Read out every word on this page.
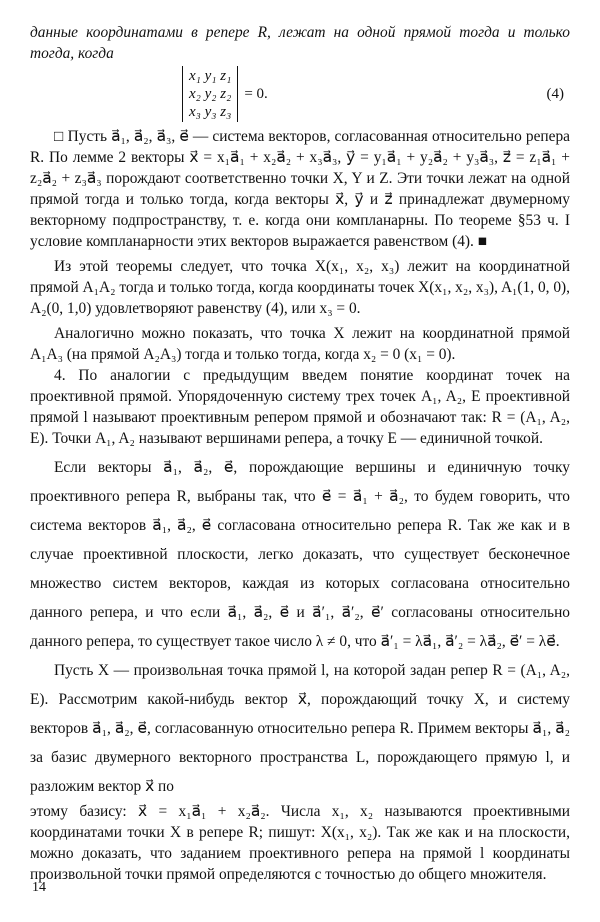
данные координатами в репере R, лежат на одной прямой тогда и только тогда, когда

x₁ y₁ z₁
x₂ y₂ z₂
x₃ y₃ z₃
= 0.	(4)

□ Пусть a⃗₁, a⃗₂, a⃗₃, e⃗ — система векторов, согласованная относительно репера R. По лемме 2 векторы x⃗ = x₁a⃗₁ + x₂a⃗₂ + x₃a⃗₃, y⃗ = y₁a⃗₁ + y₂a⃗₂ + y₃a⃗₃, z⃗ = z₁a⃗₁ + z₂a⃗₂ + z₃a⃗₃ порождают соответственно точки X, Y и Z. Эти точки лежат на одной прямой тогда и только тогда, когда векторы x⃗, y⃗ и z⃗ принадлежат двумерному векторному подпространству, т. е. когда они компланарны. По теореме §53 ч. I условие компланарности этих векторов выражается равенством (4). ■

Из этой теоремы следует, что точка X(x₁, x₂, x₃) лежит на координатной прямой A₁A₂ тогда и только тогда, когда координаты точек X(x₁, x₂, x₃), A₁(1, 0, 0), A₂(0, 1,0) удовлетворяют равенству (4), или x₃ = 0.

Аналогично можно показать, что точка X лежит на координатной прямой A₁A₃ (на прямой A₂A₃) тогда и только тогда, когда x₂ = 0 (x₁ = 0).

4. По аналогии с предыдущим введем понятие координат точек на проективной прямой. Упорядоченную систему трех точек A₁, A₂, E проективной прямой l называют проективным репером прямой и обозначают так: R = (A₁, A₂, E). Точки A₁, A₂ называют вершинами репера, а точку E — единичной точкой.

Если векторы a⃗₁, a⃗₂, e⃗, порождающие вершины и единичную точку проективного репера R, выбраны так, что e⃗ = a⃗₁ + a⃗₂, то будем говорить, что система векторов a⃗₁, a⃗₂, e⃗ согласована относительно репера R. Так же как и в случае проективной плоскости, легко доказать, что существует бесконечное множество систем векторов, каждая из которых согласована относительно данного репера, и что если a⃗₁, a⃗₂, e⃗ и a⃗′₁, a⃗′₂, e⃗′ согласованы относительно данного репера, то существует такое число λ ≠ 0, что a⃗′₁ = λa⃗₁, a⃗′₂ = λa⃗₂, e⃗′ = λe⃗.

Пусть X — произвольная точка прямой l, на которой задан репер R = (A₁, A₂, E). Рассмотрим какой-нибудь вектор x⃗, порождающий точку X, и систему векторов a⃗₁, a⃗₂, e⃗, согласованную относительно репера R. Примем векторы a⃗₁, a⃗₂ за базис двумерного векторного пространства L, порождающего прямую l, и разложим вектор x⃗ по

этому базису: x⃗ = x₁a⃗₁ + x₂a⃗₂. Числа x₁, x₂ называются проективными координатами точки X в репере R; пишут: X(x₁, x₂). Так же как и на плоскости, можно доказать, что заданием проективного репера на прямой l координаты произвольной точки прямой определяются с точностью до общего множителя.

14
